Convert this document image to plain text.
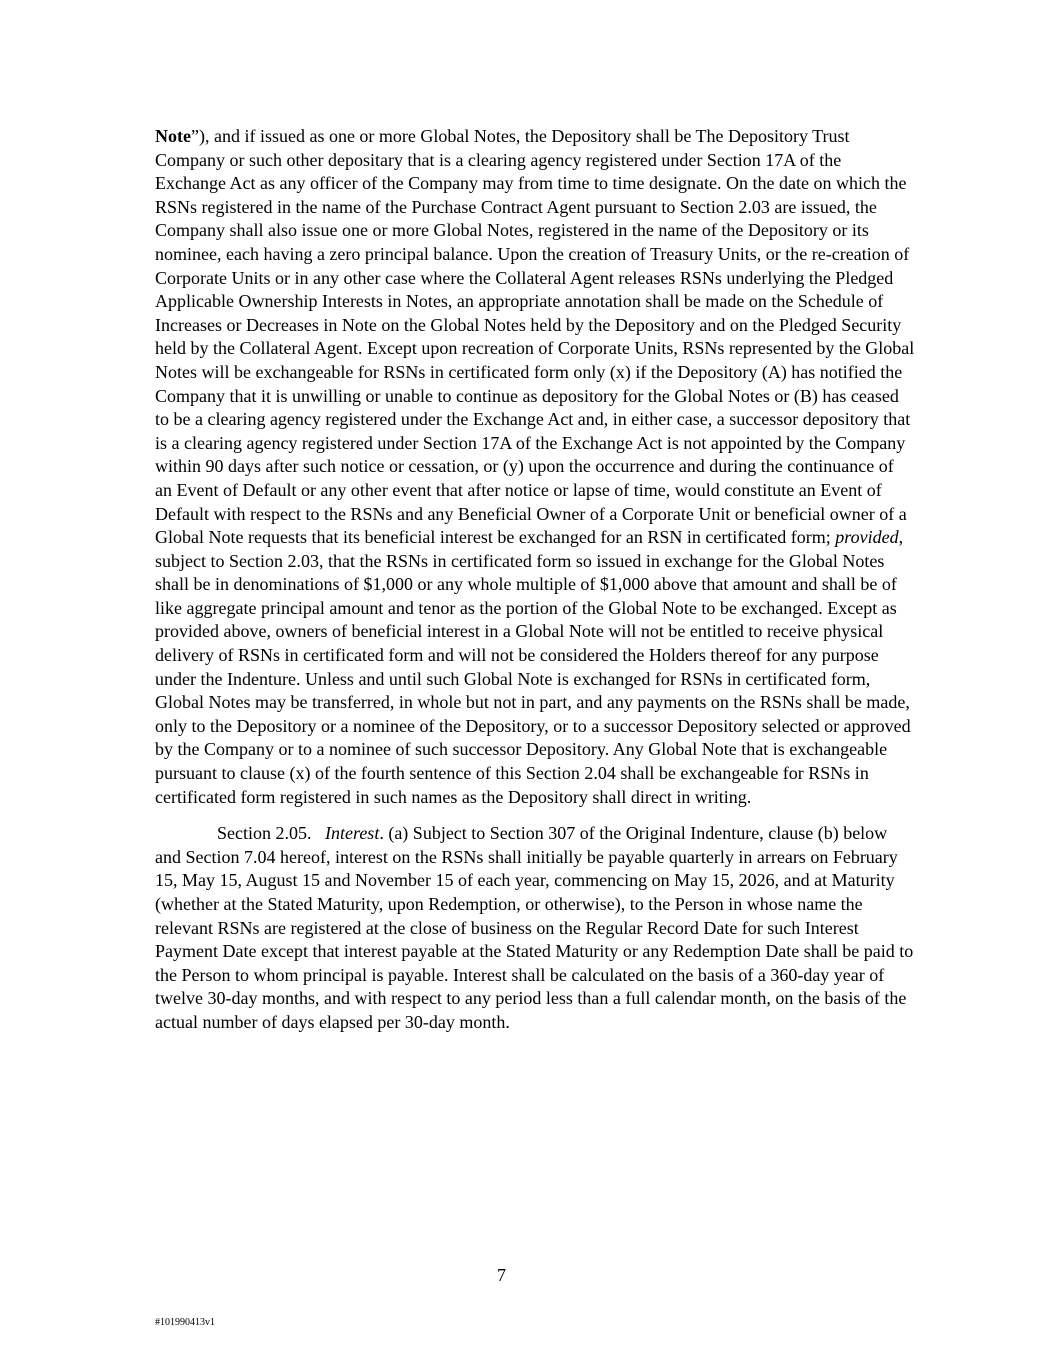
Note”), and if issued as one or more Global Notes, the Depository shall be The Depository Trust Company or such other depositary that is a clearing agency registered under Section 17A of the Exchange Act as any officer of the Company may from time to time designate. On the date on which the RSNs registered in the name of the Purchase Contract Agent pursuant to Section 2.03 are issued, the Company shall also issue one or more Global Notes, registered in the name of the Depository or its nominee, each having a zero principal balance. Upon the creation of Treasury Units, or the re-creation of Corporate Units or in any other case where the Collateral Agent releases RSNs underlying the Pledged Applicable Ownership Interests in Notes, an appropriate annotation shall be made on the Schedule of Increases or Decreases in Note on the Global Notes held by the Depository and on the Pledged Security held by the Collateral Agent. Except upon recreation of Corporate Units, RSNs represented by the Global Notes will be exchangeable for RSNs in certificated form only (x) if the Depository (A) has notified the Company that it is unwilling or unable to continue as depository for the Global Notes or (B) has ceased to be a clearing agency registered under the Exchange Act and, in either case, a successor depository that is a clearing agency registered under Section 17A of the Exchange Act is not appointed by the Company within 90 days after such notice or cessation, or (y) upon the occurrence and during the continuance of an Event of Default or any other event that after notice or lapse of time, would constitute an Event of Default with respect to the RSNs and any Beneficial Owner of a Corporate Unit or beneficial owner of a Global Note requests that its beneficial interest be exchanged for an RSN in certificated form; provided, subject to Section 2.03, that the RSNs in certificated form so issued in exchange for the Global Notes shall be in denominations of $1,000 or any whole multiple of $1,000 above that amount and shall be of like aggregate principal amount and tenor as the portion of the Global Note to be exchanged. Except as provided above, owners of beneficial interest in a Global Note will not be entitled to receive physical delivery of RSNs in certificated form and will not be considered the Holders thereof for any purpose under the Indenture. Unless and until such Global Note is exchanged for RSNs in certificated form, Global Notes may be transferred, in whole but not in part, and any payments on the RSNs shall be made, only to the Depository or a nominee of the Depository, or to a successor Depository selected or approved by the Company or to a nominee of such successor Depository. Any Global Note that is exchangeable pursuant to clause (x) of the fourth sentence of this Section 2.04 shall be exchangeable for RSNs in certificated form registered in such names as the Depository shall direct in writing.

Section 2.05.   Interest. (a) Subject to Section 307 of the Original Indenture, clause (b) below and Section 7.04 hereof, interest on the RSNs shall initially be payable quarterly in arrears on February 15, May 15, August 15 and November 15 of each year, commencing on May 15, 2026, and at Maturity (whether at the Stated Maturity, upon Redemption, or otherwise), to the Person in whose name the relevant RSNs are registered at the close of business on the Regular Record Date for such Interest Payment Date except that interest payable at the Stated Maturity or any Redemption Date shall be paid to the Person to whom principal is payable. Interest shall be calculated on the basis of a 360-day year of twelve 30-day months, and with respect to any period less than a full calendar month, on the basis of the actual number of days elapsed per 30-day month.

7
#101990413v1
